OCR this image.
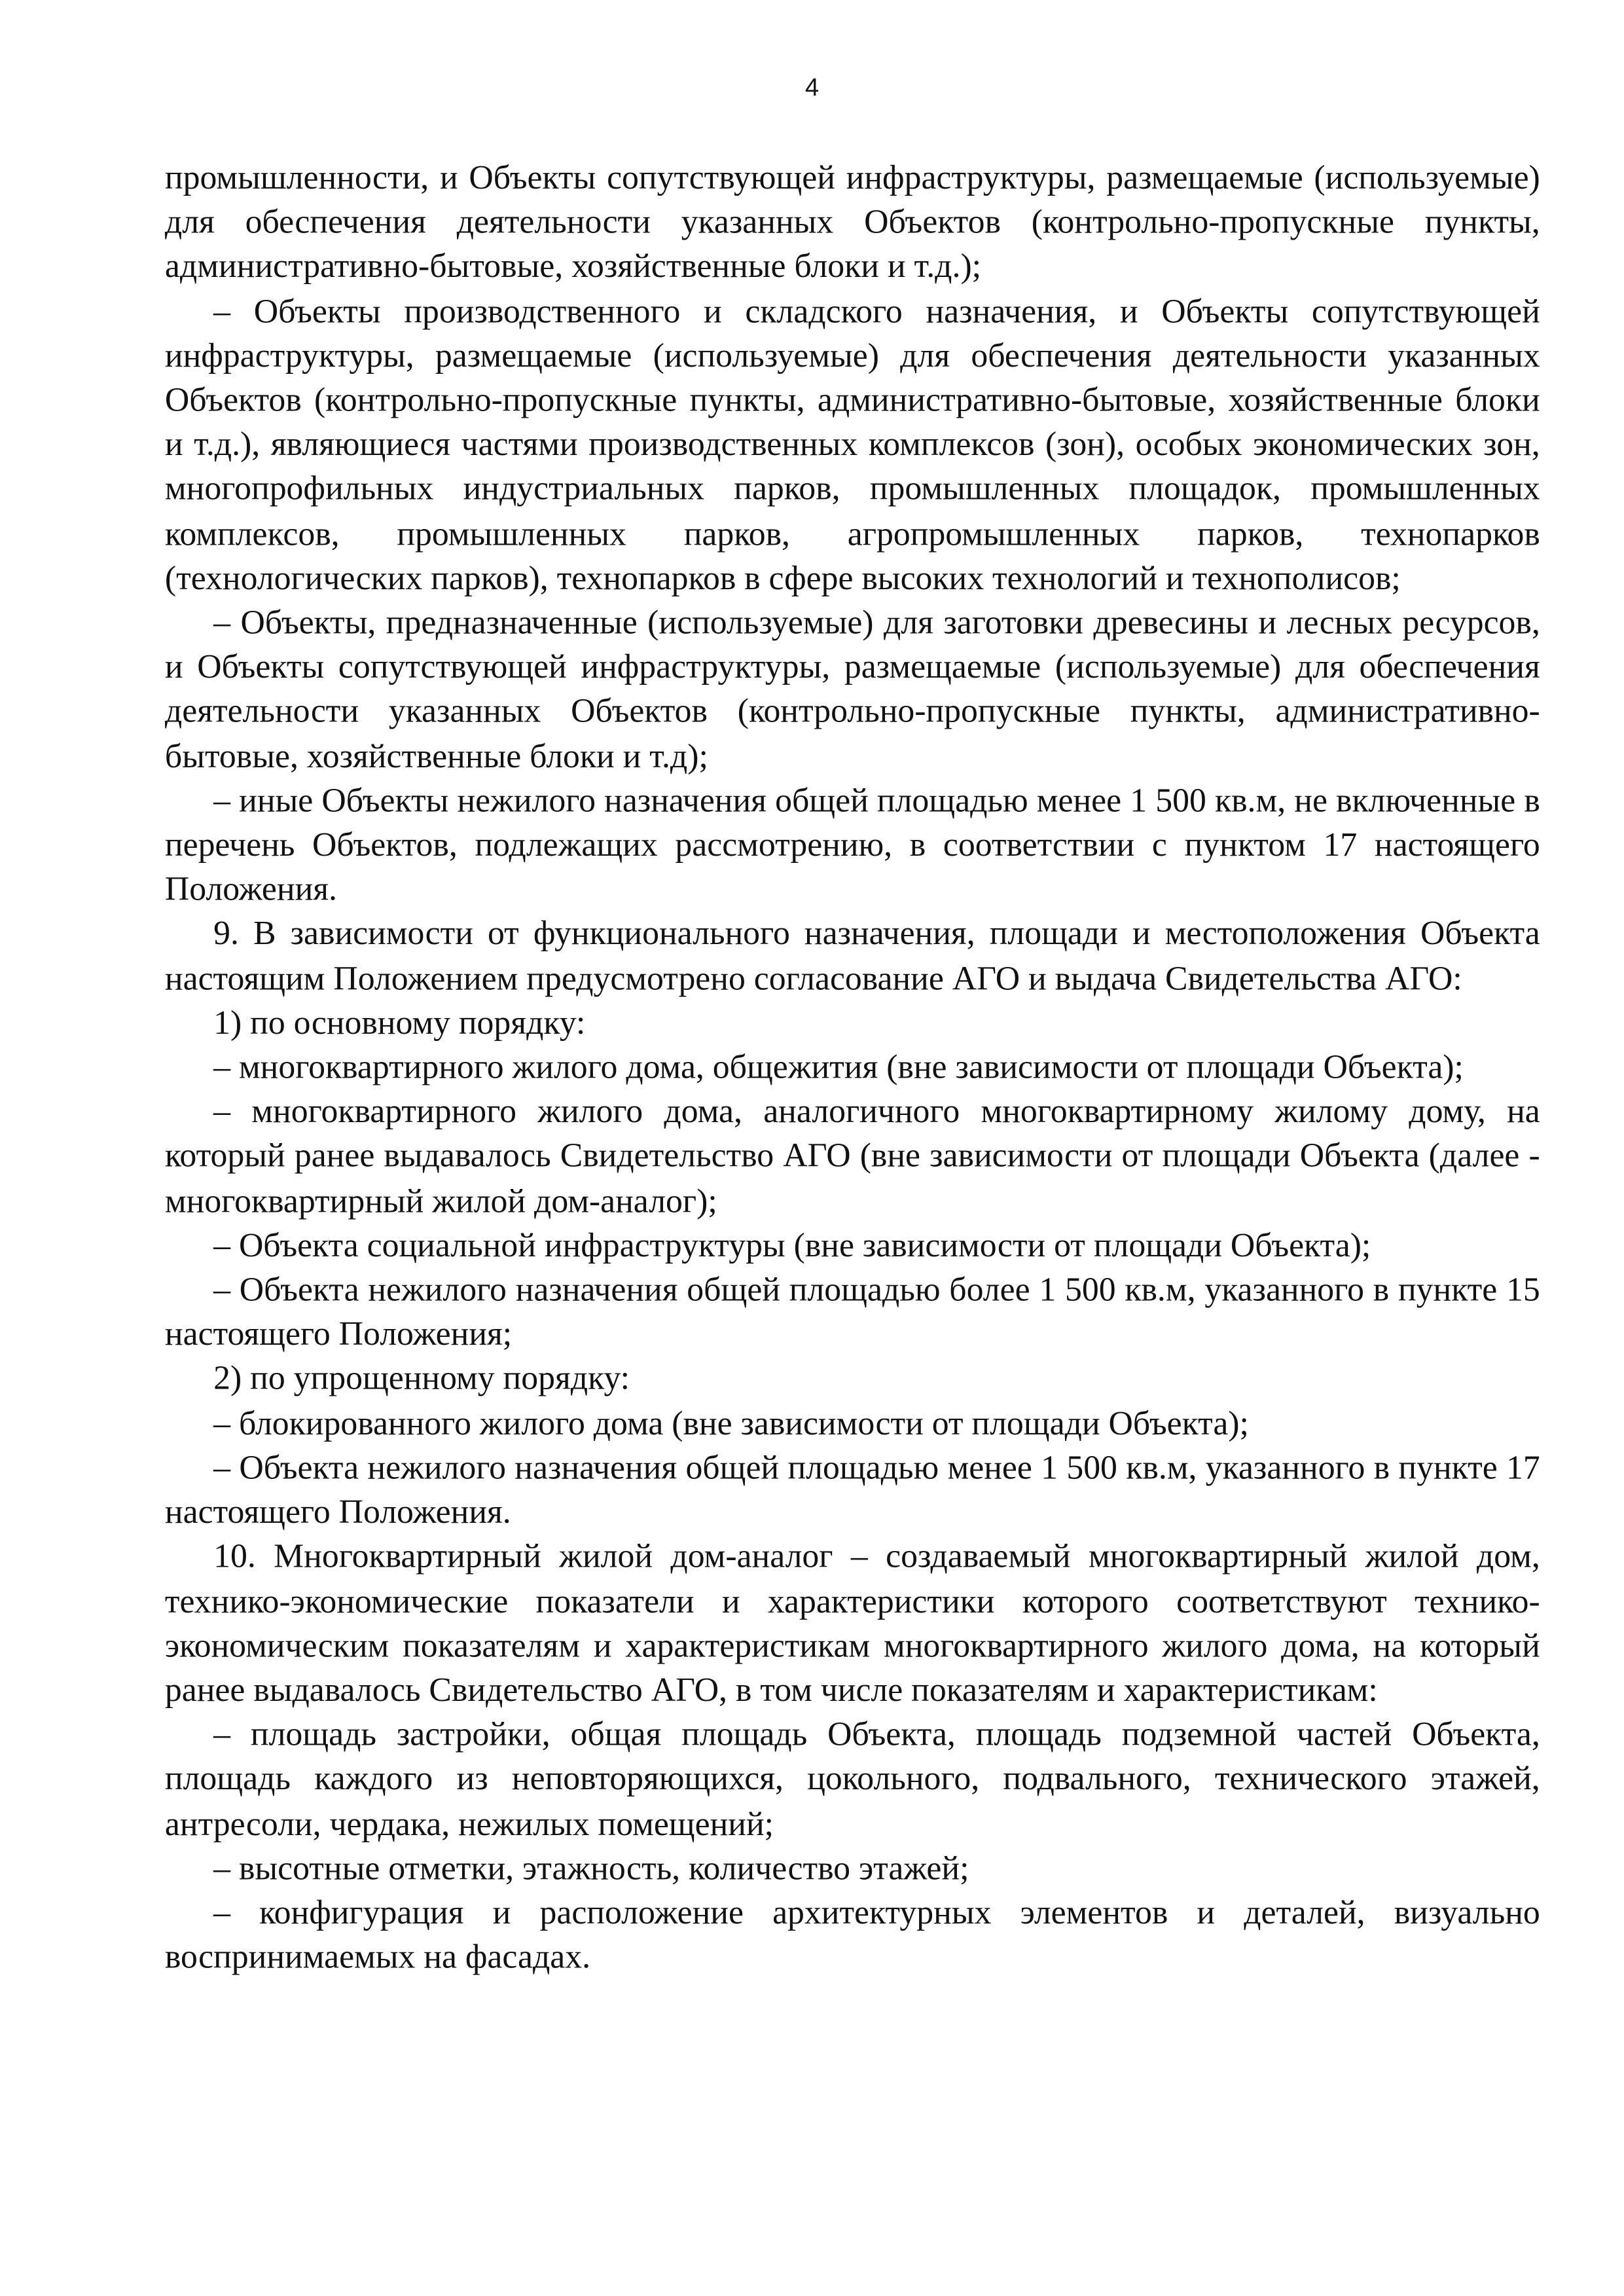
4

промышленности, и Объекты сопутствующей инфраструктуры, размещаемые (используемые) для обеспечения деятельности указанных Объектов (контрольно-пропускные пункты, административно-бытовые, хозяйственные блоки и т.д.);

– Объекты производственного и складского назначения, и Объекты сопутствующей инфраструктуры, размещаемые (используемые) для обеспечения деятельности указанных Объектов (контрольно-пропускные пункты, административно-бытовые, хозяйственные блоки и т.д.), являющиеся частями производственных комплексов (зон), особых экономических зон, многопрофильных индустриальных парков, промышленных площадок, промышленных комплексов, промышленных парков, агропромышленных парков, технопарков (технологических парков), технопарков в сфере высоких технологий и технополисов;

– Объекты, предназначенные (используемые) для заготовки древесины и лесных ресурсов, и Объекты сопутствующей инфраструктуры, размещаемые (используемые) для обеспечения деятельности указанных Объектов (контрольно-пропускные пункты, административно-бытовые, хозяйственные блоки и т.д);

– иные Объекты нежилого назначения общей площадью менее 1 500 кв.м, не включенные в перечень Объектов, подлежащих рассмотрению, в соответствии с пунктом 17 настоящего Положения.

9. В зависимости от функционального назначения, площади и местоположения Объекта настоящим Положением предусмотрено согласование АГО и выдача Свидетельства АГО:

1) по основному порядку:

– многоквартирного жилого дома, общежития (вне зависимости от площади Объекта);

– многоквартирного жилого дома, аналогичного многоквартирному жилому дому, на который ранее выдавалось Свидетельство АГО (вне зависимости от площади Объекта (далее - многоквартирный жилой дом-аналог);

– Объекта социальной инфраструктуры (вне зависимости от площади Объекта);

– Объекта нежилого назначения общей площадью более 1 500 кв.м, указанного в пункте 15 настоящего Положения;

2) по упрощенному порядку:

– блокированного жилого дома (вне зависимости от площади Объекта);

– Объекта нежилого назначения общей площадью менее 1 500 кв.м, указанного в пункте 17 настоящего Положения.

10. Многоквартирный жилой дом-аналог – создаваемый многоквартирный жилой дом, технико-экономические показатели и характеристики которого соответствуют технико-экономическим показателям и характеристикам многоквартирного жилого дома, на который ранее выдавалось Свидетельство АГО, в том числе показателям и характеристикам:

– площадь застройки, общая площадь Объекта, площадь подземной частей Объекта, площадь каждого из неповторяющихся, цокольного, подвального, технического этажей, антресоли, чердака, нежилых помещений;

– высотные отметки, этажность, количество этажей;

– конфигурация и расположение архитектурных элементов и деталей, визуально воспринимаемых на фасадах.
